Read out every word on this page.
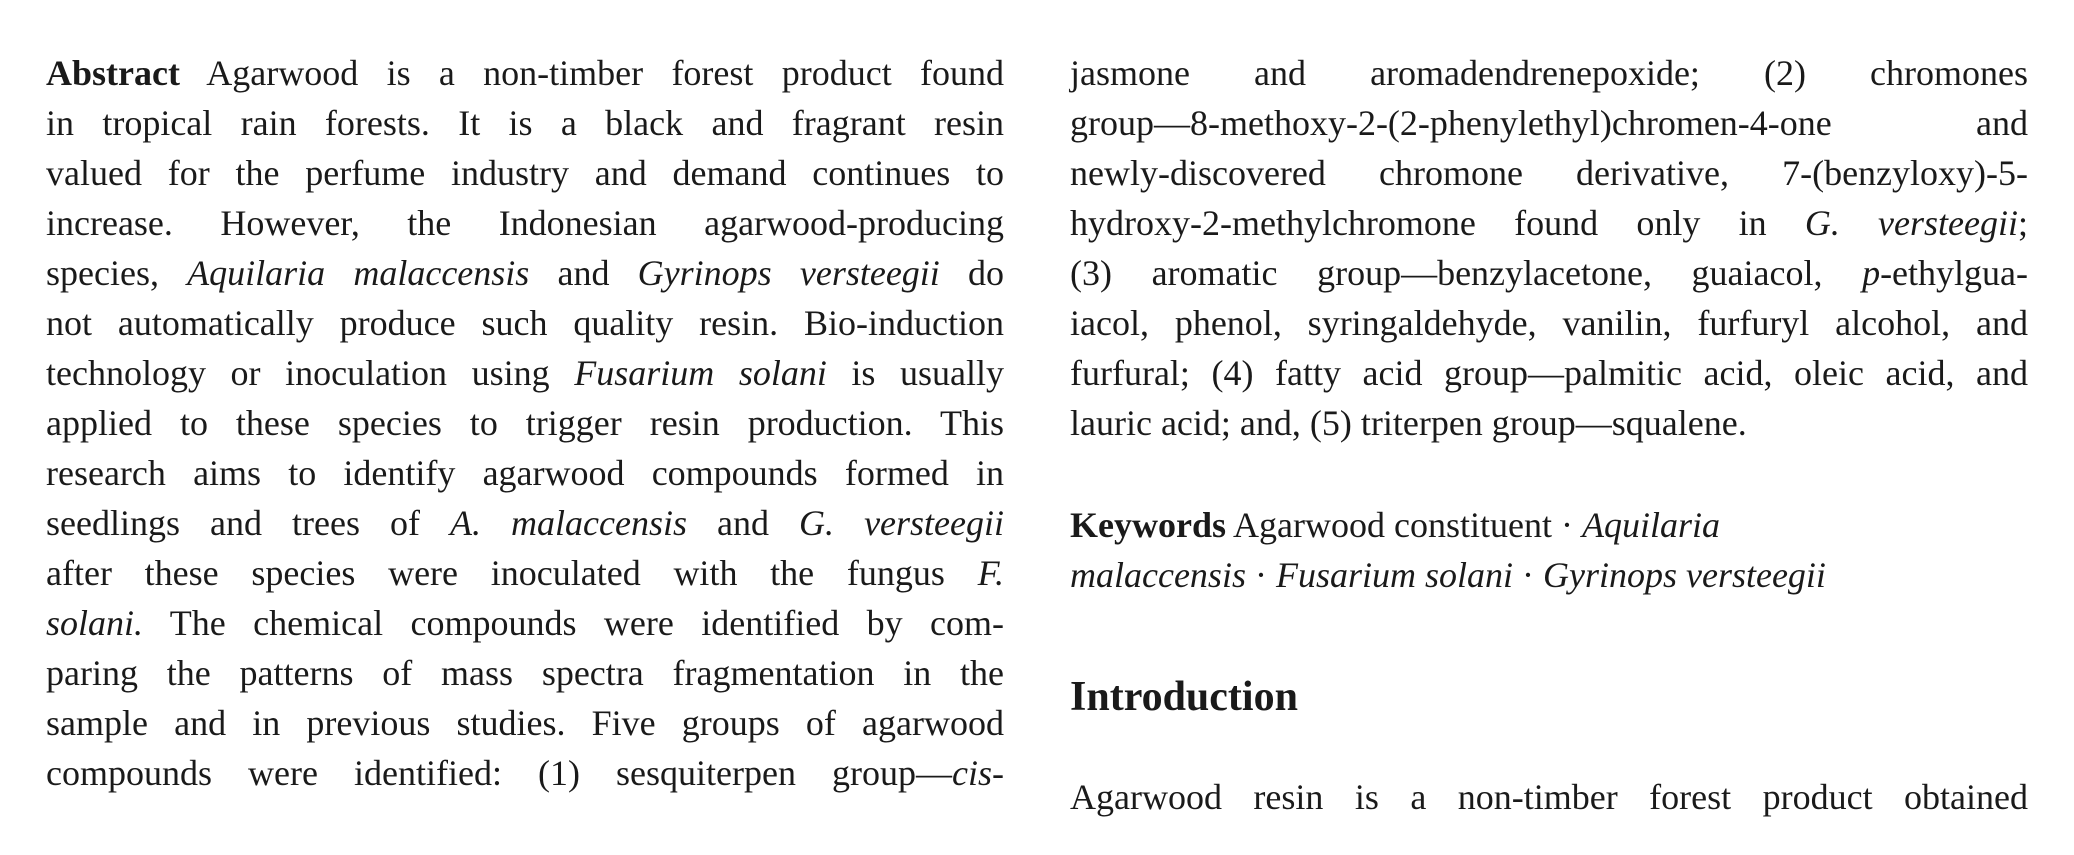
Abstract Agarwood is a non-timber forest product found
in tropical rain forests. It is a black and fragrant resin
valued for the perfume industry and demand continues to
increase. However, the Indonesian agarwood-producing
species, Aquilaria malaccensis and Gyrinops versteegii do
not automatically produce such quality resin. Bio-induction
technology or inoculation using Fusarium solani is usually
applied to these species to trigger resin production. This
research aims to identify agarwood compounds formed in
seedlings and trees of A. malaccensis and G. versteegii
after these species were inoculated with the fungus F.
solani. The chemical compounds were identified by com-
paring the patterns of mass spectra fragmentation in the
sample and in previous studies. Five groups of agarwood
compounds were identified: (1) sesquiterpen group—cis-
jasmone and aromadendrenepoxide; (2) chromones
group—8-methoxy-2-(2-phenylethyl)chromen-4-one and
newly-discovered chromone derivative, 7-(benzyloxy)-5-
hydroxy-2-methylchromone found only in G. versteegii;
(3) aromatic group—benzylacetone, guaiacol, p-ethylgua-
iacol, phenol, syringaldehyde, vanilin, furfuryl alcohol, and
furfural; (4) fatty acid group—palmitic acid, oleic acid, and
lauric acid; and, (5) triterpen group—squalene.
Keywords Agarwood constituent · Aquilaria
malaccensis · Fusarium solani · Gyrinops versteegii
Introduction
Agarwood resin is a non-timber forest product obtained
